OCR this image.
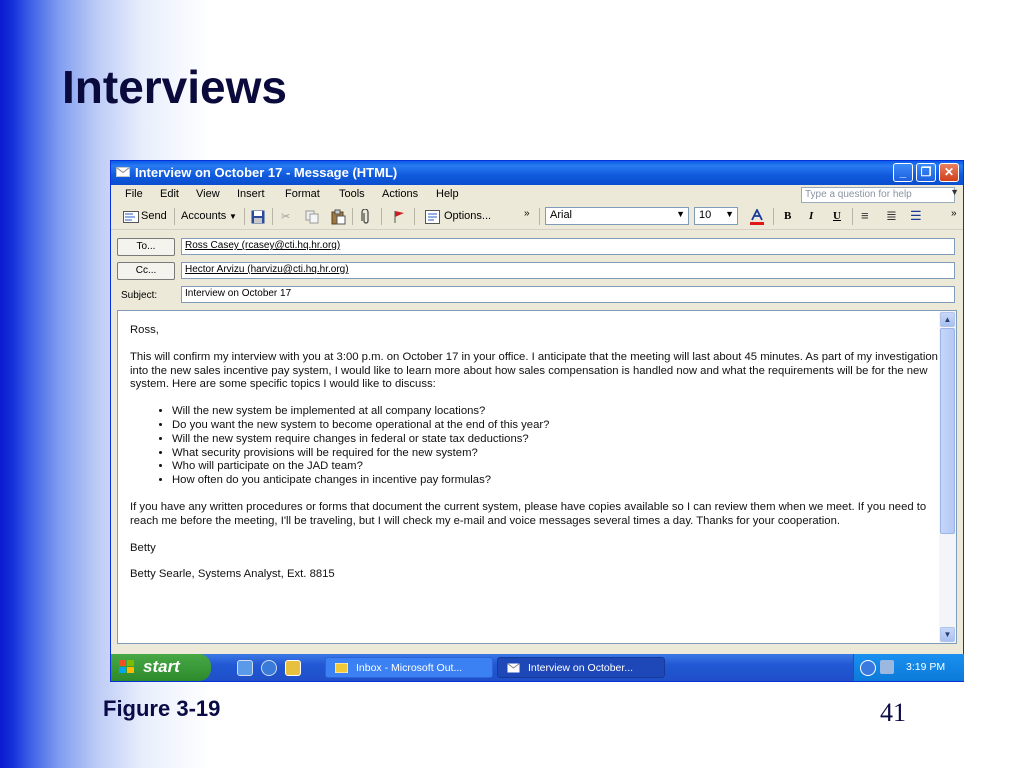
Interviews
Interview on October 17 - Message (HTML)	_	❐	✕
File Edit View Insert Format Tools Actions Help	Type a question for help	▼
Send Accounts ▼	✂	Options...	»	Arial	▼	10 ▼	B I U ≡ ≣ ☰	»
To...	Ross Casey (rcasey@cti.hq.hr.org)
Cc...	Hector Arvizu (harvizu@cti.hq.hr.org)
Subject:	Interview on October 17

Ross,

This will confirm my interview with you at 3:00 p.m. on October 17 in your office. I anticipate that the meeting will last about 45 minutes. As part of my investigation into the new sales incentive pay system, I would like to learn more about how sales compensation is handled now and what the requirements will be for the new system. Here are some specific topics I would like to discuss:

• Will the new system be implemented at all company locations?
• Do you want the new system to become operational at the end of this year?
• Will the new system require changes in federal or state tax deductions?
• What security provisions will be required for the new system?
• Who will participate on the JAD team?
• How often do you anticipate changes in incentive pay formulas?

If you have any written procedures or forms that document the current system, please have copies available so I can review them when we meet. If you need to reach me before the meeting, I'll be traveling, but I will check my e-mail and voice messages several times a day. Thanks for your cooperation.

Betty

Betty Searle, Systems Analyst, Ext. 8815

▲
▼
start	Inbox - Microsoft Out...	Interview on October...	3:19 PM
Figure 3-19	41
